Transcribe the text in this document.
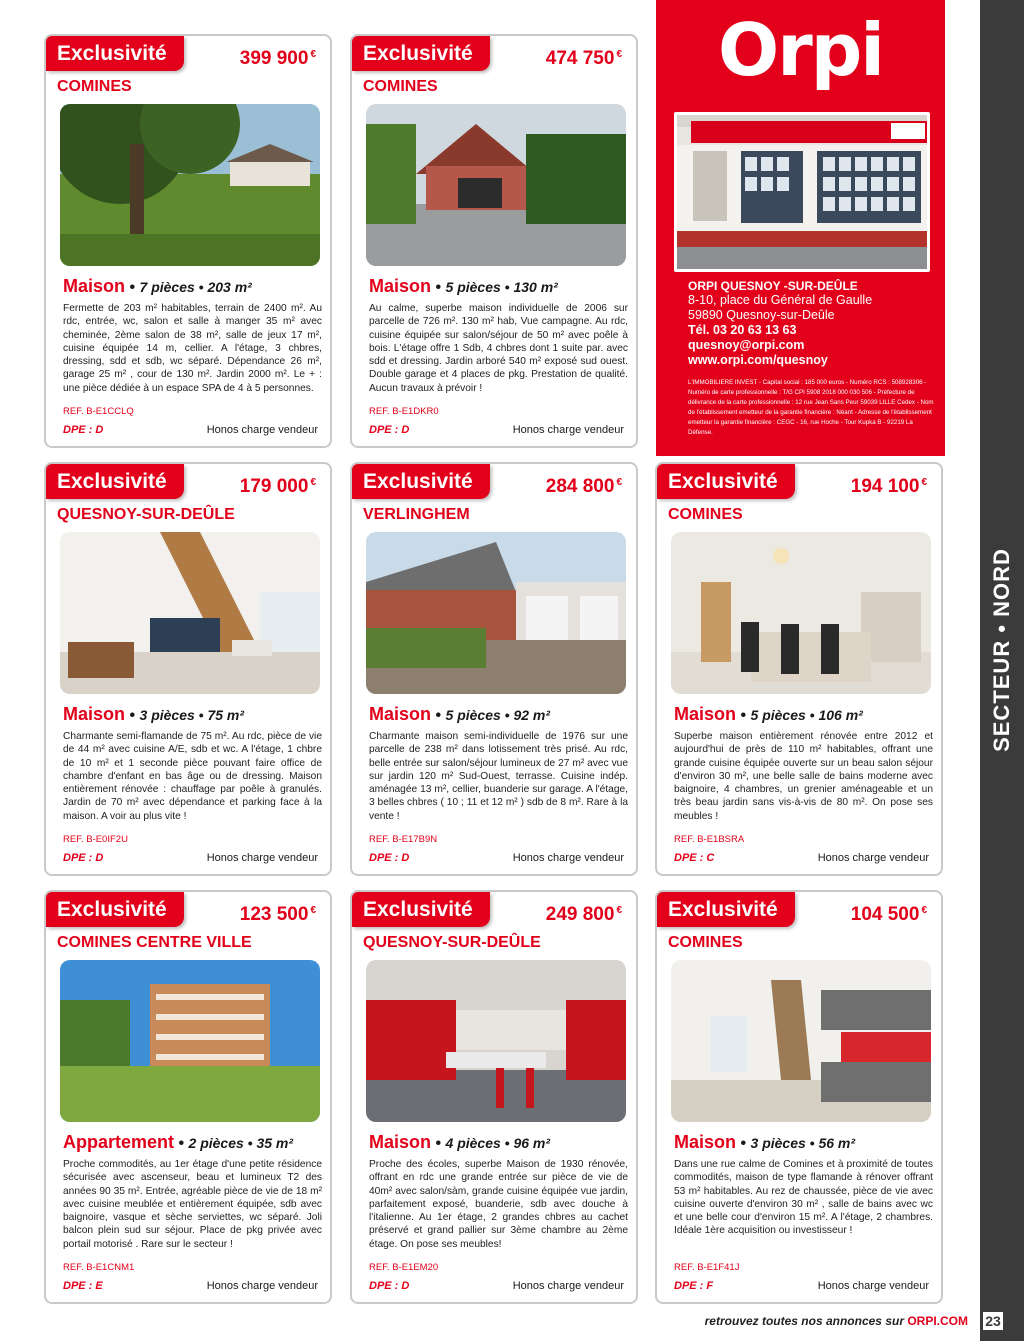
SECTEUR • NORD
Orpi
ORPI QUESNOY -SUR-DEÛLE
8-10, place du Général de Gaulle
59890 Quesnoy-sur-Deûle
Tél. 03 20 63 13 63
quesnoy@orpi.com
www.orpi.com/quesnoy
L'IMMOBILIERE INVEST - Capital social : 185 000 euros - Numéro RCS : 508928306 - Numéro de carte professionnelle : T/G CPI 5908 2018 000 030 506 - Préfecture de délivrance de la carte professionnelle : 12 rue Jean Sans Peur 59039 LILLE Cedex - Nom de l'établissement emetteur de la garantie financière : Néant - Adresse de l'établissement emetteur la garantie financière : CEGC - 16, rue Hoche - Tour Kupka B - 92219 La Défense.
Exclusivité	399 900 €
COMINES
Maison • 7 pièces • 203 m²
Fermette de 203 m² habitables, terrain de 2400 m². Au rdc, entrée, wc, salon et salle à manger 35 m² avec cheminée, 2ème salon de 38 m², salle de jeux 17 m², cuisine équipée 14 m, cellier. A l'étage, 3 chbres, dressing, sdd et sdb, wc séparé. Dépendance 26 m², garage 25 m² , cour de 130 m². Jardin 2000 m². Le + : une pièce dédiée à un espace SPA de 4 à 5 personnes.
REF. B-E1CCLQ
DPE : D	Honos charge vendeur
Exclusivité	474 750 €
COMINES
Maison • 5 pièces • 130 m²
Au calme, superbe maison individuelle de 2006 sur parcelle de 726 m². 130 m² hab, Vue campagne. Au rdc, cuisine équipée sur salon/séjour de 50 m² avec poêle à bois. L'étage offre 1 Sdb, 4 chbres dont 1 suite par. avec sdd et dressing. Jardin arboré 540 m² exposé sud ouest. Double garage et 4 places de pkg. Prestation de qualité. Aucun travaux à prévoir !
REF. B-E1DKR0
DPE : D	Honos charge vendeur
Exclusivité	179 000 €
QUESNOY-SUR-DEÛLE
Maison • 3 pièces • 75 m²
Charmante semi-flamande de 75 m². Au rdc, pièce de vie de 44 m² avec cuisine A/E, sdb et wc. A l'étage, 1 chbre de 10 m² et 1 seconde pièce pouvant faire office de chambre d'enfant en bas âge ou de dressing. Maison entièrement rénovée : chauffage par poêle à granulés. Jardin de 70 m² avec dépendance et parking face à la maison. A voir au plus vite !
REF. B-E0IF2U
DPE : D	Honos charge vendeur
Exclusivité	284 800 €
VERLINGHEM
Maison • 5 pièces • 92 m²
Charmante maison semi-individuelle de 1976 sur une parcelle de 238 m² dans lotissement très prisé. Au rdc, belle entrée sur salon/séjour lumineux de 27 m² avec vue sur jardin 120 m² Sud-Ouest, terrasse. Cuisine indép. aménagée 13 m², cellier, buanderie sur garage. A l'étage, 3 belles chbres ( 10 ; 11 et 12 m² ) sdb de 8 m². Rare à la vente !
REF. B-E17B9N
DPE : D	Honos charge vendeur
Exclusivité	194 100 €
COMINES
Maison • 5 pièces • 106 m²
Superbe maison entièrement rénovée entre 2012 et aujourd'hui de près de 110 m² habitables, offrant une grande cuisine équipée ouverte sur un beau salon séjour d'environ 30 m², une belle salle de bains moderne avec baignoire, 4 chambres, un grenier aménageable et un très beau jardin sans vis-à-vis de 80 m². On pose ses meubles !
REF. B-E1BSRA
DPE : C	Honos charge vendeur
Exclusivité	123 500 €
COMINES CENTRE VILLE
Appartement • 2 pièces • 35 m²
Proche commodités, au 1er étage d'une petite résidence sécurisée avec ascenseur, beau et lumineux T2 des années 90 35 m². Entrée, agréable pièce de vie de 18 m² avec cuisine meublée et entièrement équipée, sdb avec baignoire, vasque et sèche serviettes, wc séparé. Joli balcon plein sud sur séjour. Place de pkg privée avec portail motorisé . Rare sur le secteur !
REF. B-E1CNM1
DPE : E	Honos charge vendeur
Exclusivité	249 800 €
QUESNOY-SUR-DEÛLE
Maison • 4 pièces • 96 m²
Proche des écoles, superbe Maison de 1930 rénovée, offrant en rdc une grande entrée sur pièce de vie de 40m² avec salon/sàm, grande cuisine équipée vue jardin, parfaitement exposé, buanderie, sdb avec douche à l'italienne. Au 1er étage, 2 grandes chbres au cachet préservé et grand pallier sur 3ème chambre au 2ème étage. On pose ses meubles!
REF. B-E1EM20
DPE : D	Honos charge vendeur
Exclusivité	104 500 €
COMINES
Maison • 3 pièces • 56 m²
Dans une rue calme de Comines et à proximité de toutes commodités, maison de type flamande à rénover offrant 53 m² habitables. Au rez de chaussée, pièce de vie avec cuisine ouverte d'environ 30 m² , salle de bains avec wc et une belle cour d'environ 15 m². A l'étage, 2 chambres. Idéale 1ère acquisition ou investisseur !
REF. B-E1F41J
DPE : F	Honos charge vendeur
retrouvez toutes nos annonces sur ORPI.COM 23
